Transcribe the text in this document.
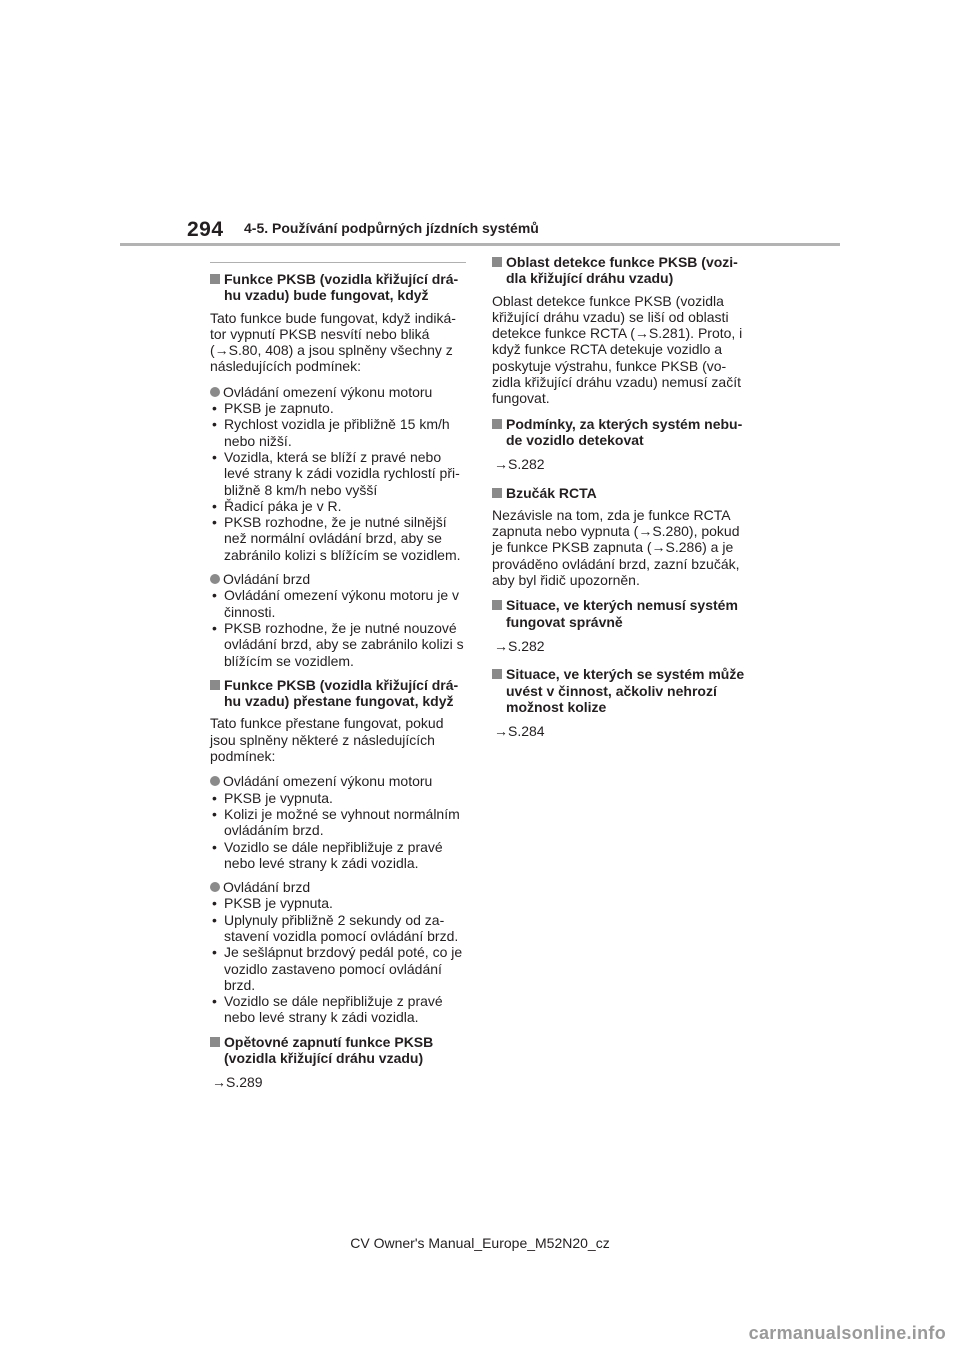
294 4-5. Používání podpůrných jízdních systémů
Funkce PKSB (vozidla křižující drá-hu vzadu) bude fungovat, když
Tato funkce bude fungovat, když indiká-tor vypnutí PKSB nesvítí nebo bliká (→S.80, 408) a jsou splněny všechny z následujících podmínek:
Ovládání omezení výkonu motoru
• PKSB je zapnuto.
• Rychlost vozidla je přibližně 15 km/h nebo nižší.
• Vozidla, která se blíží z pravé nebo levé strany k zádi vozidla rychlostí při-bližně 8 km/h nebo vyšší
• Řadicí páka je v R.
• PKSB rozhodne, že je nutné silnější než normální ovládání brzd, aby se zabránilo kolizi s blížícím se vozidlem.
Ovládání brzd
• Ovládání omezení výkonu motoru je v činnosti.
• PKSB rozhodne, že je nutné nouzové ovládání brzd, aby se zabránilo kolizi s blížícím se vozidlem.
Funkce PKSB (vozidla křižující drá-hu vzadu) přestane fungovat, když
Tato funkce přestane fungovat, pokud jsou splněny některé z následujících podmínek:
Ovládání omezení výkonu motoru
• PKSB je vypnuta.
• Kolizi je možné se vyhnout normálním ovládáním brzd.
• Vozidlo se dále nepřibližuje z pravé nebo levé strany k zádi vozidla.
Ovládání brzd
• PKSB je vypnuta.
• Uplynuly přibližně 2 sekundy od za-stavení vozidla pomocí ovládání brzd.
• Je sešlápnut brzdový pedál poté, co je vozidlo zastaveno pomocí ovládání brzd.
• Vozidlo se dále nepřibližuje z pravé nebo levé strany k zádi vozidla.
Opětovné zapnutí funkce PKSB (vozidla křižující dráhu vzadu)
→S.289
Oblast detekce funkce PKSB (vozi-dla křižující dráhu vzadu)
Oblast detekce funkce PKSB (vozidla křižující dráhu vzadu) se liší od oblasti detekce funkce RCTA (→S.281). Proto, i když funkce RCTA detekuje vozidlo a poskytuje výstrahu, funkce PKSB (vo-zidla křižující dráhu vzadu) nemusí začít fungovat.
Podmínky, za kterých systém nebu-de vozidlo detekovat
→S.282
Bzučák RCTA
Nezávisle na tom, zda je funkce RCTA zapnuta nebo vypnuta (→S.280), pokud je funkce PKSB zapnuta (→S.286) a je prováděno ovládání brzd, zazní bzučák, aby byl řidič upozorněn.
Situace, ve kterých nemusí systém fungovat správně
→S.282
Situace, ve kterých se systém může uvést v činnost, ačkoliv nehrozí možnost kolize
→S.284
CV Owner's Manual_Europe_M52N20_cz
carmanualsonline.info
